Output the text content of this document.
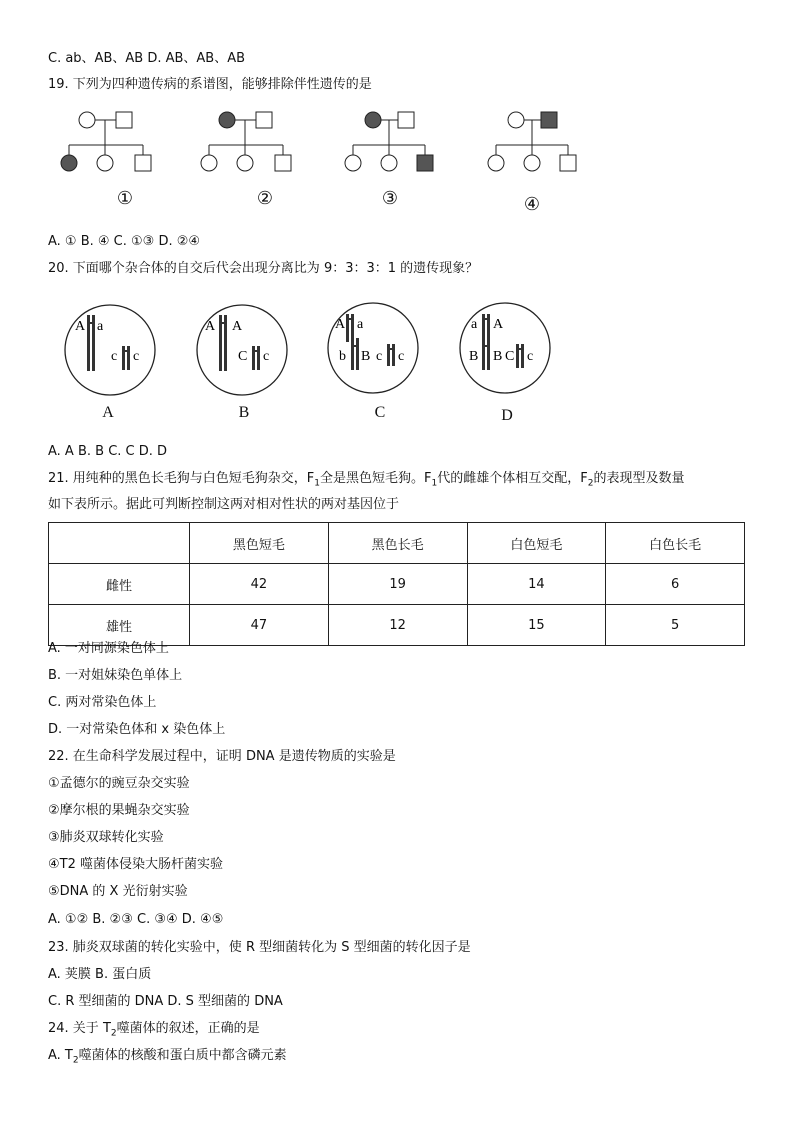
C. ab、AB、AB D. AB、AB、AB
19. 下列为四种遗传病的系谱图，能够排除伴性遗传的是
①	②	③	④
A. ① B. ④ C. ①③ D. ②④
20. 下面哪个杂合体的自交后代会出现分离比为 9：3：3：1 的遗传现象？
A a
c c
A
A A
C c
B
A a
b B c c
C
a A
B B C c
D
A. A B. B C. C D. D
21. 用纯种的黑色长毛狗与白色短毛狗杂交，$F_1$全是黑色短毛狗。$F_1$代的雌雄个体相互交配，$F_2$的表现型及数量
如下表所示。据此可判断控制这两对相对性状的两对基因位于
	黑色短毛	黑色长毛	白色短毛	白色长毛
雌性	42	19	14	6
雄性	47	12	15	5
A. 一对同源染色体上
B. 一对姐妹染色单体上
C. 两对常染色体上
D. 一对常染色体和 x 染色体上
22. 在生命科学发展过程中，证明 DNA 是遗传物质的实验是
①孟德尔的豌豆杂交实验
②摩尔根的果蝇杂交实验
③肺炎双球转化实验
④T2 噬菌体侵染大肠杆菌实验
⑤DNA 的 X 光衍射实验
A. ①② B. ②③ C. ③④ D. ④⑤
23. 肺炎双球菌的转化实验中，使 R 型细菌转化为 S 型细菌的转化因子是
A. 荚膜 B. 蛋白质
C. R 型细菌的 DNA D. S 型细菌的 DNA
24. 关于 $T_2$噬菌体的叙述，正确的是
A. $T_2$噬菌体的核酸和蛋白质中都含磷元素
